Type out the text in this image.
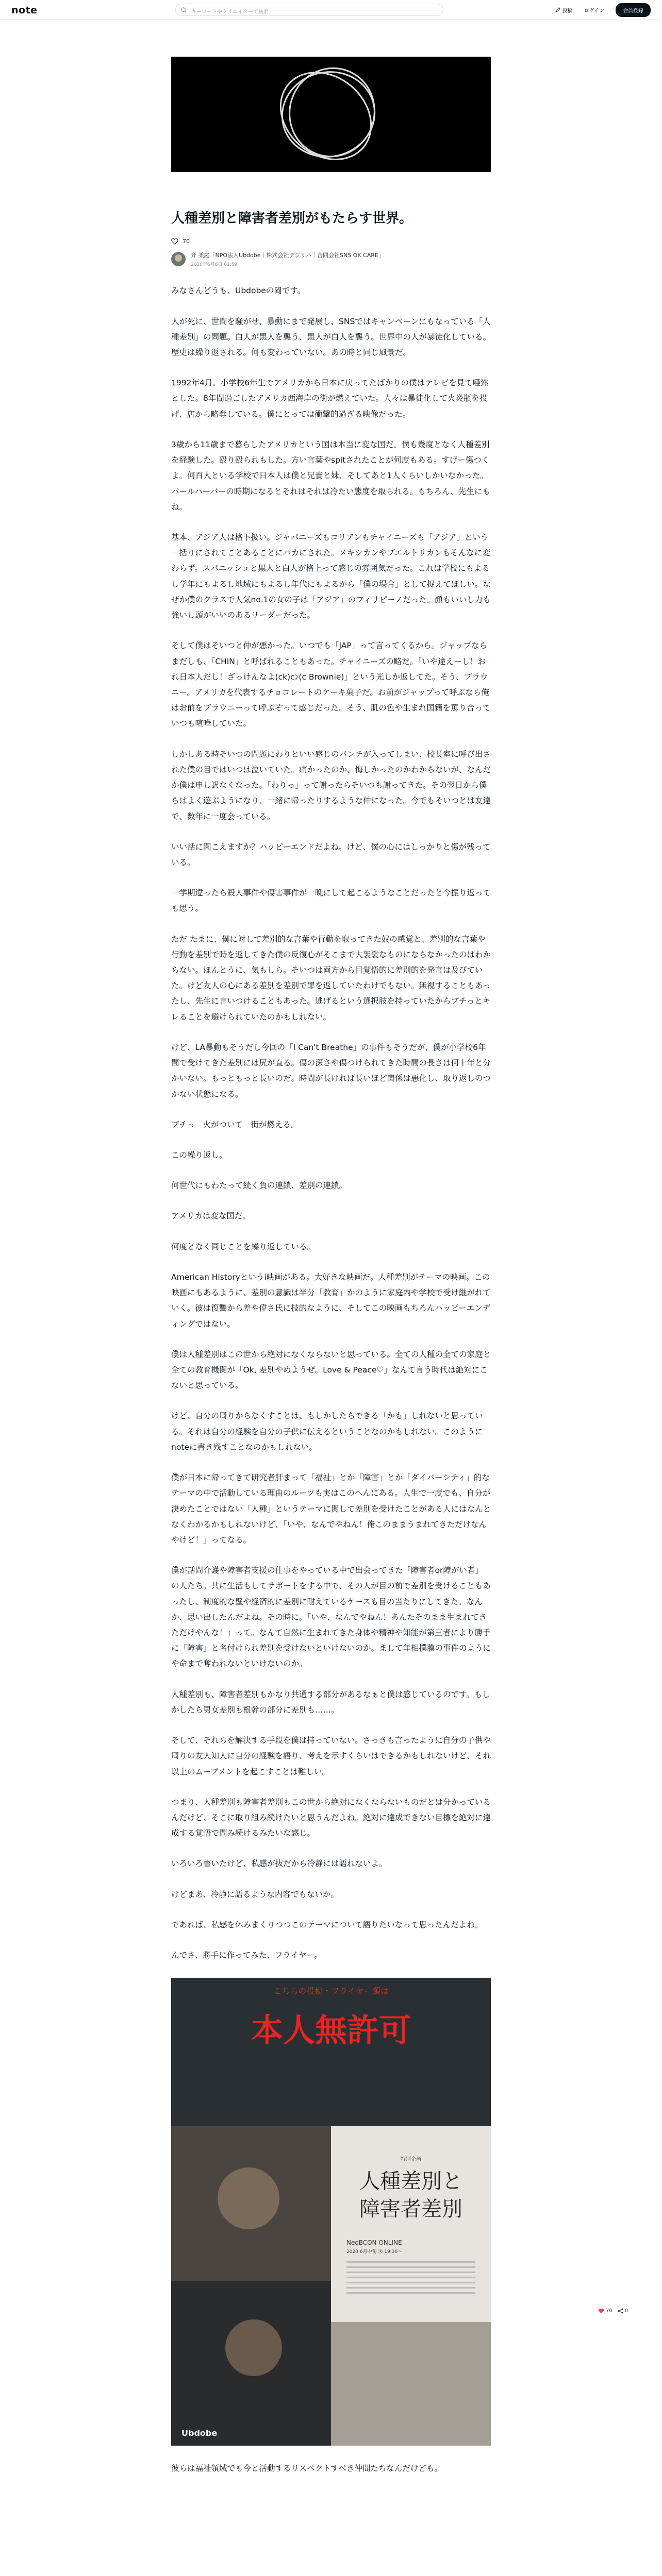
note	キーワードやクリエイターで検索	投稿 ログイン	会員登録
人種差別と障害者差別がもたらす世界。
70
斉 柔庭「NPO法人Ubdobe｜株式会社デジリハ｜合同会社SNS OK CARE」
2020年6月6日 01:59

みなさんどうも、Ubdobeの岡です。

人が死に、世間を騒がせ、暴動にまで発展し、SNSではキャンペーンにもなっている「人種差別」の問題。白人が黒人を襲う、黒人が白人を襲う。世界中の人が暴徒化している。歴史は繰り返される。何も変わっていない。あの時と同じ風景だ。

1992年4月。小学校6年生でアメリカから日本に戻ってたばかりの僕はテレビを見て唖然とした。8年間過ごしたアメリカ西海岸の街が燃えていた。人々は暴徒化して火炎瓶を投げ、店から略奪している。僕にとっては衝撃的過ぎる映像だった。

3歳から11歳まで暮らしたアメリカという国は本当に変な国だ。僕も幾度となく人種差別を経験した。殴り殴られもした。方い言葉やspitされたことが何度もある。すげー傷つくよ。何百人といる学校で日本人は僕と兄貴と妹、そしてあと1人くらいしかいなかった。パールハーバーの時期になるとそれはそれは冷たい態度を取られる。もちろん、先生にもね。

基本、アジア人は格下扱い。ジャパニーズもコリアンもチャイニーズも「アジア」という一括りにされてことあることにバカにされた。メキシカンやブエルトリカンもそんなに変わらず。スパニッシュと黒人と白人が格上って感じの雰囲気だった。これは学校にもよるし学年にもよるし地域にもよるし年代にもよるから「僕の場合」として捉えてほしい。なぜか僕のクラスで人気no.1の女の子は「アジア」のフィリピーノだった。顔もいいし力も強いし頭がいいのあるリーダーだった。

そして僕はそいつと仲が悪かった。いつでも「JAP」って言ってくるから。ジャップなら まだしも、「CHIN」と呼ばれることもあった。チャイニーズの略だ。「いや違えーし！おれ日本人だし！ざっけんなよ(ck)cﾝ(c Brownie)」という光しか返してた。そう、ブラウニー。アメリカを代表するチョコレートのケーキ菓子だ。お前がジャップって呼ぶなら俺はお前をブラウニーって呼ぶぞって感じだった。そう、肌の色や生まれ国籍を罵り合っていつも喧嘩していた。

しかしある時そいつの問題にわりといい感じのパンチが入ってしまい、校長室に呼び出された僕の目ではいつは泣いていた。痛かったのか、悔しかったのかわからないが、なんだか僕は申し訳なくなった。「わりっ」って謝ったらそいつも謝ってきた。その翌日から僕らはよく遊ぶようになり、一緒に帰ったりするような仲になった。今でもそいつとは友達で、数年に一度会っている。

いい話に聞こえますか？ハッピーエンドだよね。けど、僕の心にはしっかりと傷が残っている。

一学期違ったら殺人事件や傷害事件が一晩にして起こるようなことだったと今振り返っても思う。

ただ たまに、僕に対して差別的な言葉や行動を取ってきた奴の感覚と、差別的な言葉や行動を差別で時を返してきた僕の反復心がそこまで大袈裟なものにならなかったのはわからない。ほんとうに、気もしら。そいつは両方から目覚悟的に差別的を発言は及びていた。けど友人の心にある差別を差別で罪を返していたわけでもない。無視することもあったし、先生に言いつけることもあった。逃げるという選択肢を持っていたからブチっとキレることを避けられていたのかもしれない。

けど、LA暴動もそうだし今回の「I Can't Breathe」の事件もそうだが、僕が小学校6年間で受けてきた差別には尻が直る。傷の深さや傷つけられてきた時間の長さは何十年と分かいない。もっともっと長いのだ。時間が長ければ長いほど関係は悪化し、取り返しのつかない状態になる。

ブチっ　火がついて　街が燃える。

この繰り返し。

何世代にもわたって続く負の連鎖、差別の連鎖。

アメリカは変な国だ。

何度となく同じことを繰り返している。

American Historyというi映画がある。大好きな映画だ。人種差別がテーマの映画。この映画にもあるように、差別の意識は半分「教育」かのように家庭内や学校で受け継がれていく。彼は復讐から差や偉さ氏に技的なように、そしてこの映画もちろんハッピーエンディングではない。

僕は人種差別はこの世から絶対になくならないと思っている。全ての人種の全ての家庭と全ての教育機関が「Ok, 差別やめようぜ。Love & Peace♡」なんて言う時代は絶対にこないと思っている。

けど、自分の周りからなくすことは、もしかしたらできる「かも」しれないと思っている。それは自分の経験を自分の子供に伝えるということなのかもしれない。このようにnoteに書き残すことなのかもしれない。

僕が日本に帰ってきて研究者肝まって「福祉」とか「障害」とか「ダイバーシティ」的なテーマの中で活動している理由のルーツも実はこのへんにある。人生で一度でも、自分が決めたことではない「人種」というテーマに関して差別を受けたことがある人にはなんとなくわかるかもしれないけど、「いや、なんでやねん！俺このままうまれてきただけなんやけど！」ってなる。

僕が話問介護や障害者支援の仕事をやっている中で出会ってきた「障害者or障がい者」の人たち。共に生活もしてサポートをする中で、その人が目の前で差別を受けることもあったし、制度的な壁や経済的に差別に耐えているケースも目の当たりにしてきた。なんか、思い出したんだよね。その時に。「いや、なんでやねん！あんたそのまま生まれてきただけやんな！」って。なんて自然に生まれてきた身体や精神や知能が第三者により勝手に「障害」と名付けられ差別を受けないといけないのか。まして年相撲膜の事件のようにや命まで奪われないといけないのか。

人種差別も、障害者差別もかなり共通する部分があるなぁと僕は感じているのです。もしかしたら男女差別も根幹の部分に差別も……。

そして、それらを解決する手段を僕は持っていない。さっきも言ったように自分の子供や周りの友人知人に自分の経験を語り、考えを示すくらいはできるかもしれないけど、それ以上のムーブメントを起こすことは難しい。

つまり、人種差別も障害者差別もこの世から絶対になくならないものだとは分かっているんだけど、そこに取り組み続けたいと思うんだよね。絶対に達成できない目標を絶対に達成する覚悟で問み続けるみたいな感じ。

いろいろ書いたけど、私感が抜だから冷静には語れないよ。

けどまあ、冷静に語るような内容でもないか。

であれば、私感を休みまくりつつこのテーマについて語りたいなって思ったんだよね。

んでさ、勝手に作ってみた、フライヤー。

こちらの投稿・フライヤー類は
本人無許可
特別企画
人種差別と
障害者差別
NeoBCON ONLINE
2020.6月中旬 ㊋ 19:30〜
Ubdobe

彼らは福祉領域でも今と活動するリスペクトすべき仲間たちなんだけども。

70 0
